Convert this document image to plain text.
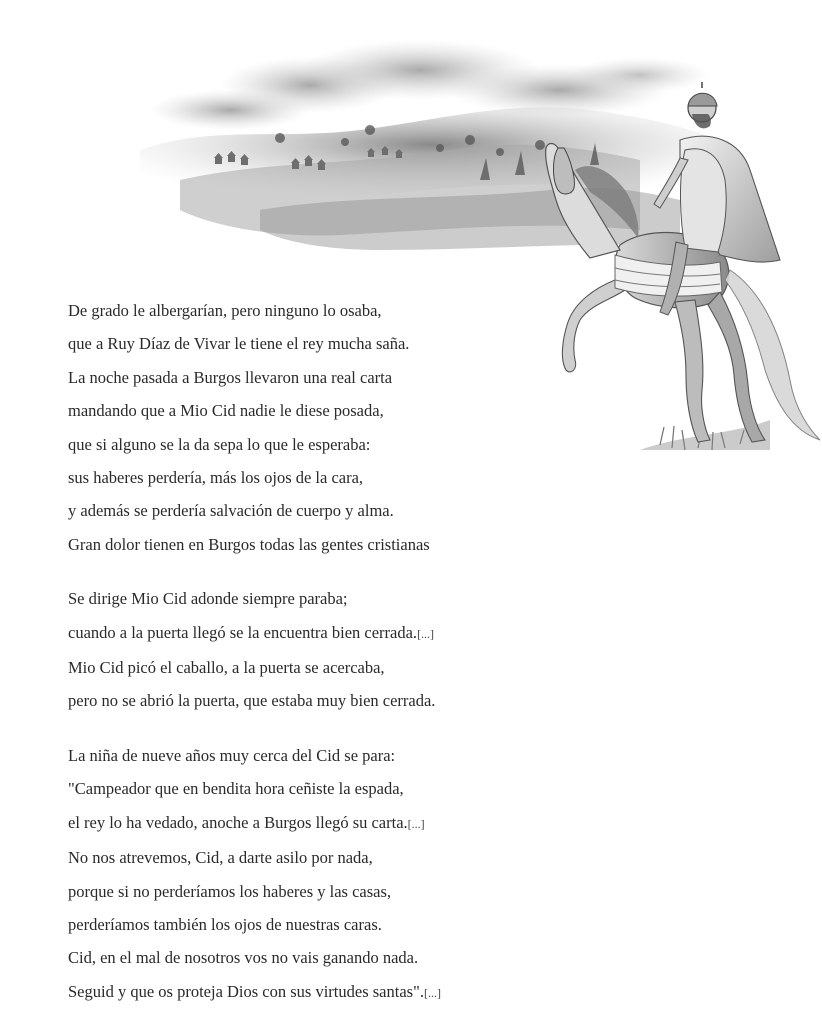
De grado le albergarían, pero ninguno lo osaba,
que a Ruy Díaz de Vivar le tiene el rey mucha saña.
La noche pasada a Burgos llevaron una real carta
mandando que a Mio Cid nadie le diese posada,
que si alguno se la da sepa lo que le esperaba:
sus haberes perdería, más los ojos de la cara,
y además se perdería salvación de cuerpo y alma.
Gran dolor tienen en Burgos todas las gentes cristianas
Se dirige Mio Cid adonde siempre paraba;
cuando a la puerta llegó se la encuentra bien cerrada.[...]
Mio Cid picó el caballo, a la puerta se acercaba,
pero no se abrió la puerta, que estaba muy bien cerrada.
La niña de nueve años muy cerca del Cid se para:
"Campeador que en bendita hora ceñiste la espada,
el rey lo ha vedado, anoche a Burgos llegó su carta.[...]
No nos atrevemos, Cid, a darte asilo por nada,
porque si no perderíamos los haberes y las casas,
perderíamos también los ojos de nuestras caras.
Cid, en el mal de nosotros vos no vais ganando nada.
Seguid y que os proteja Dios con sus virtudes santas".[...]
